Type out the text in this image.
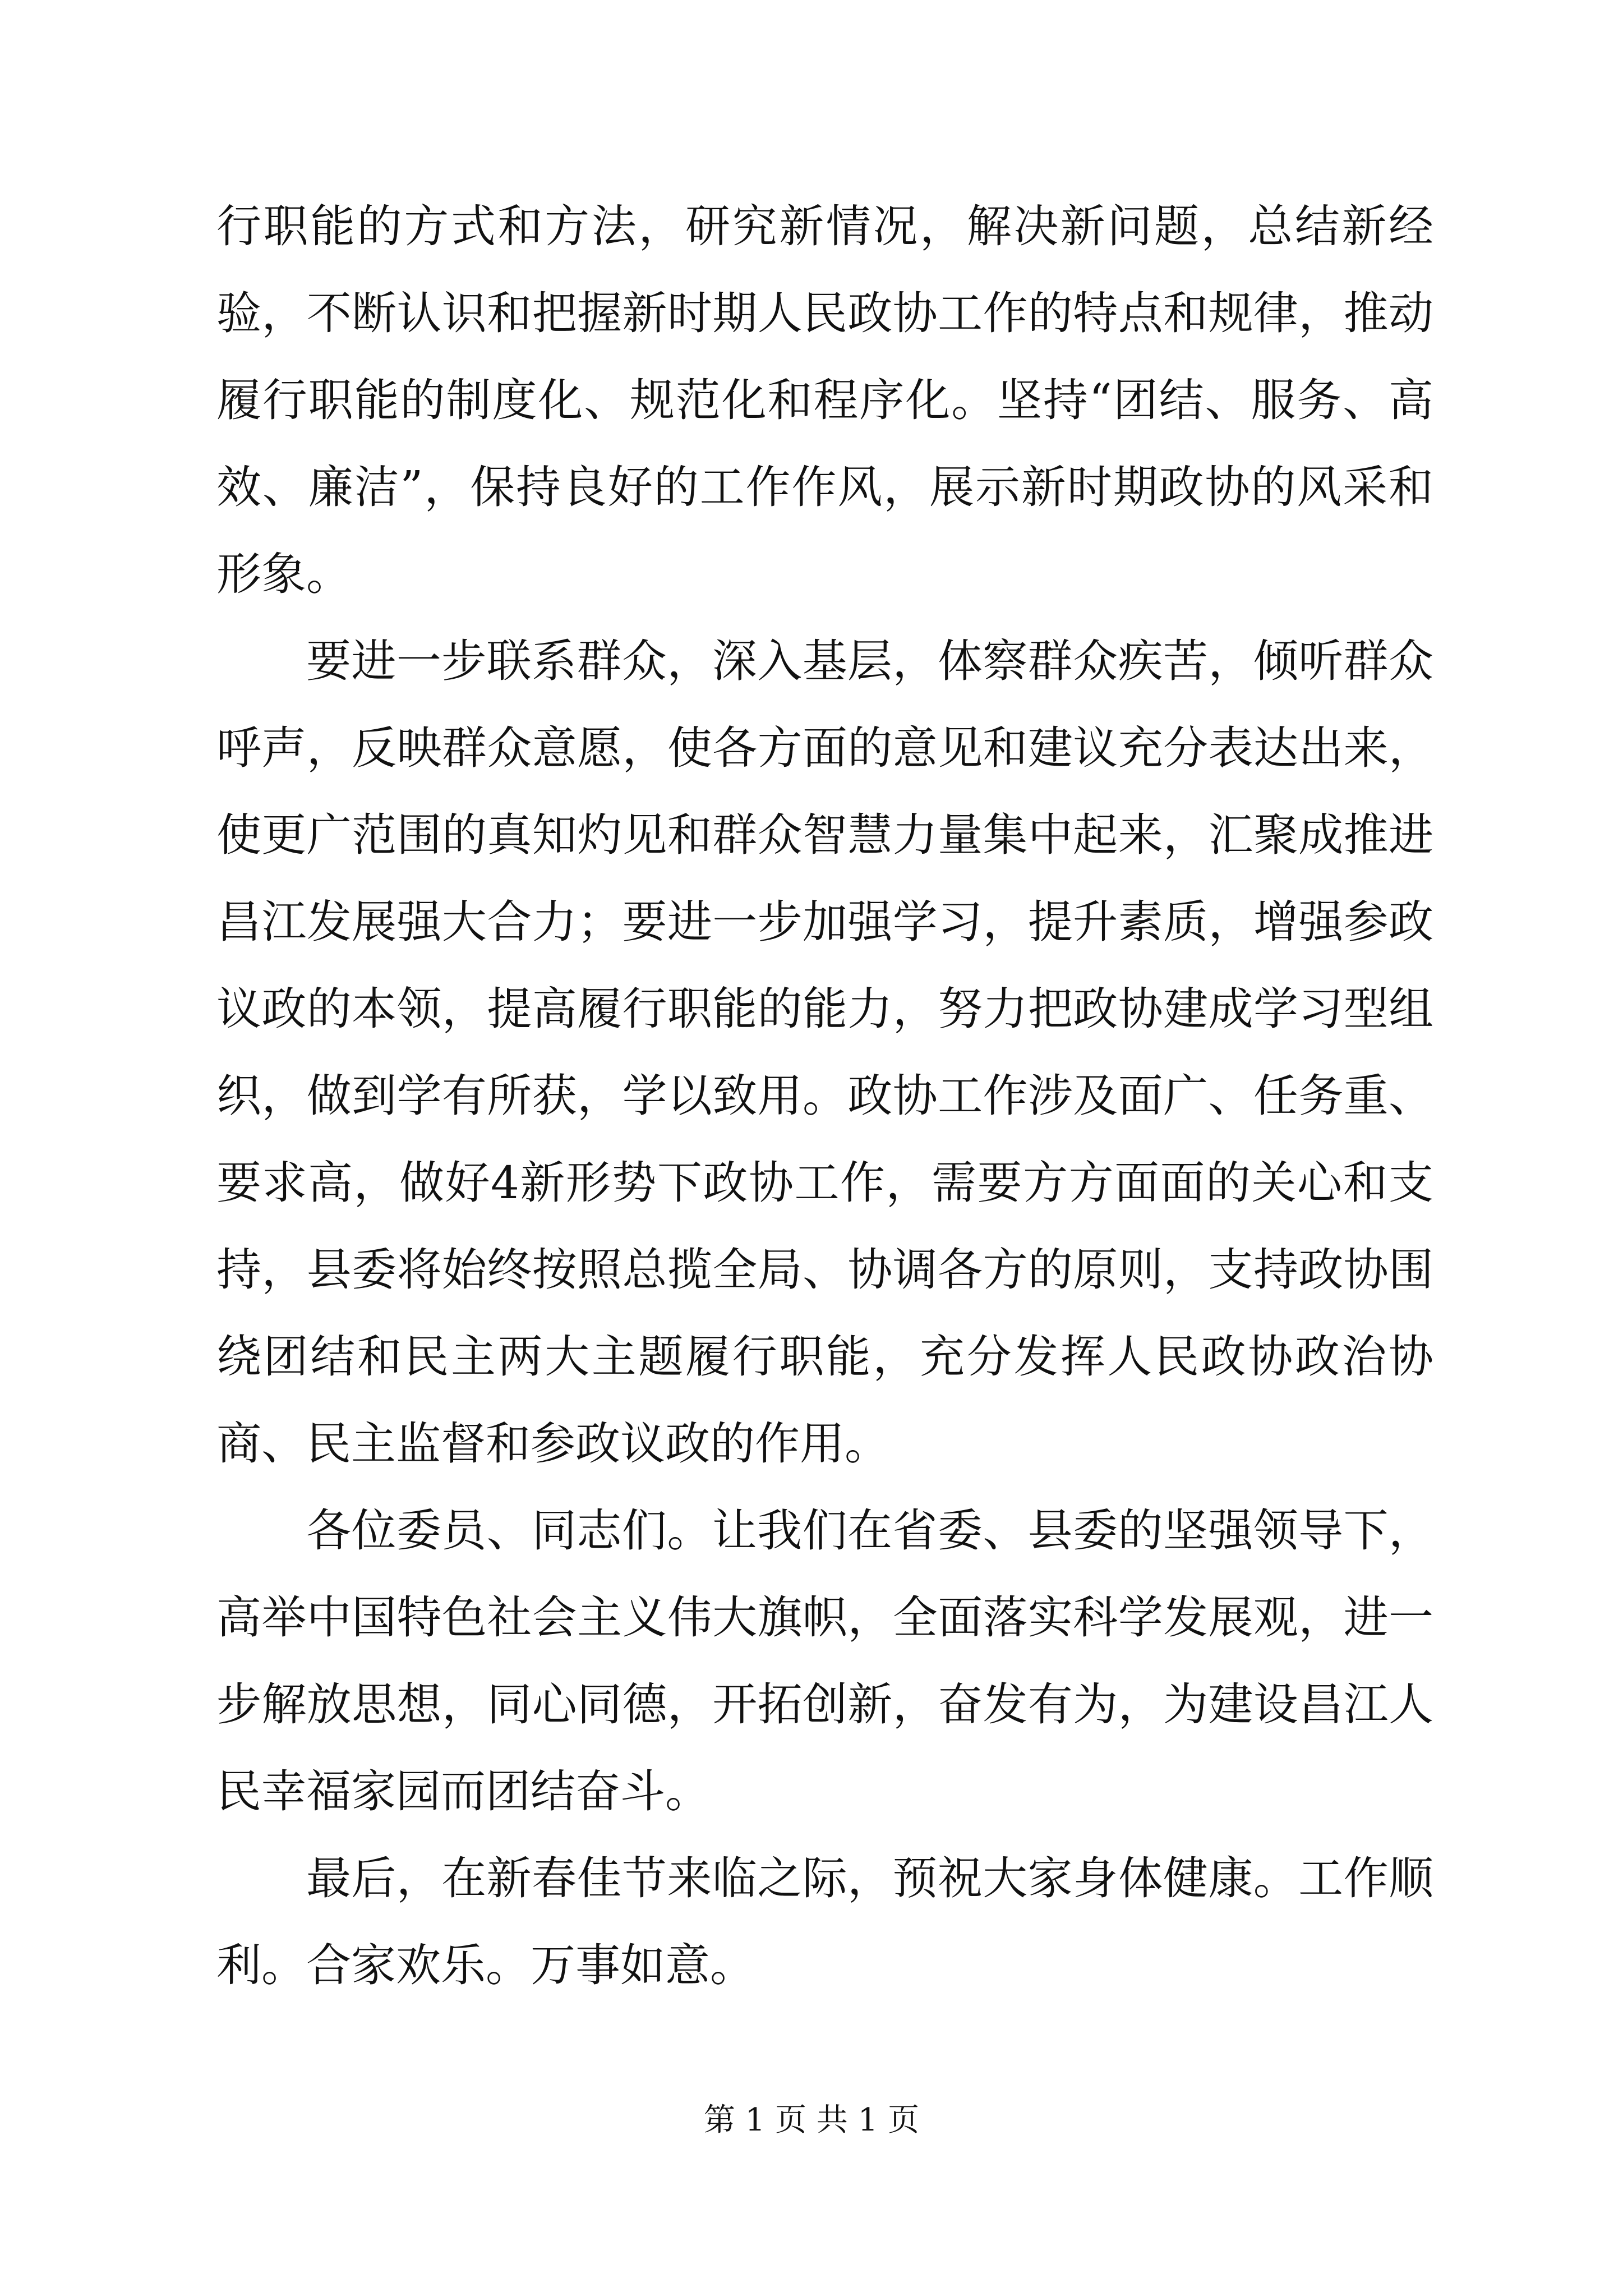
行职能的方式和方法，研究新情况，解决新问题，总结新经验，不断认识和把握新时期人民政协工作的特点和规律，推动履行职能的制度化、规范化和程序化。坚持“团结、服务、高效、廉洁”，保持良好的工作作风，展示新时期政协的风采和形象。

要进一步联系群众，深入基层，体察群众疾苦，倾听群众呼声，反映群众意愿，使各方面的意见和建议充分表达出来，使更广范围的真知灼见和群众智慧力量集中起来，汇聚成推进昌江发展强大合力；要进一步加强学习，提升素质，增强参政议政的本领，提高履行职能的能力，努力把政协建成学习型组织，做到学有所获，学以致用。政协工作涉及面广、任务重、要求高，做好4新形势下政协工作，需要方方面面的关心和支持，县委将始终按照总揽全局、协调各方的原则，支持政协围绕团结和民主两大主题履行职能，充分发挥人民政协政治协商、民主监督和参政议政的作用。

各位委员、同志们。让我们在省委、县委的坚强领导下，高举中国特色社会主义伟大旗帜，全面落实科学发展观，进一步解放思想，同心同德，开拓创新，奋发有为，为建设昌江人民幸福家园而团结奋斗。

最后，在新春佳节来临之际，预祝大家身体健康。工作顺利。合家欢乐。万事如意。

第 1 页 共 1 页
